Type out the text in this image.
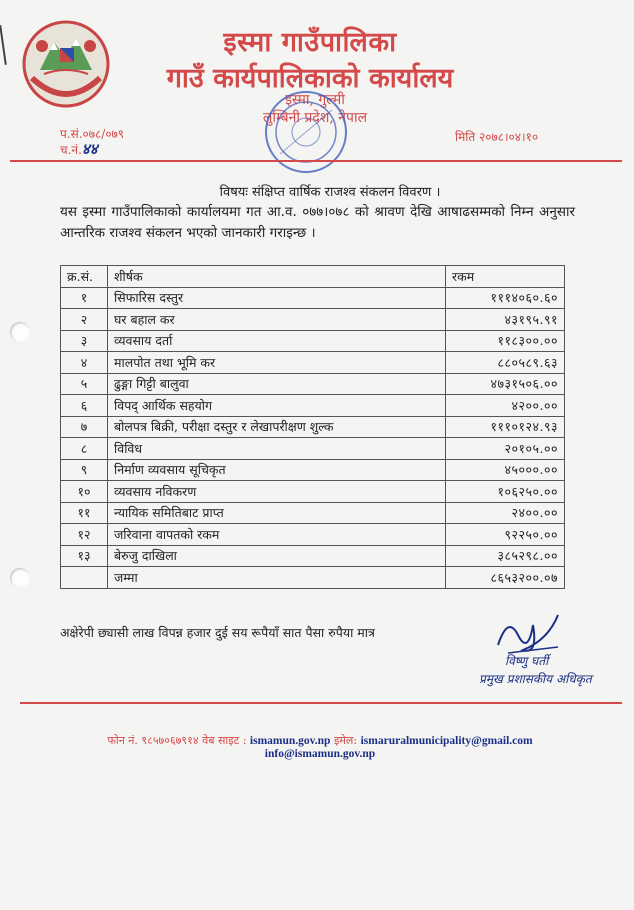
इस्मा गाउँपालिका
गाउँ कार्यपालिकाको कार्यालय
इस्मा, गुल्मी
लुम्बिनी प्रदेश, नेपाल
प.सं.०७८/०७९
च.नं.४४
मिति २०७८।०४।१०
विषयः संक्षिप्त वार्षिक राजश्व संकलन विवरण ।
यस इस्मा गाउँपालिकाको कार्यालयमा गत आ.व. ०७७।०७८ को श्रावण देखि आषाढसम्मको निम्न अनुसार आन्तरिक राजश्व संकलन भएको जानकारी गराइन्छ ।
क्र.सं.	शीर्षक	रकम
१	सिफारिस दस्तुर	१११४०६०.६०
२	घर बहाल कर	४३१९५.९१
३	व्यवसाय दर्ता	११८३००.००
४	मालपोत तथा भूमि कर	८८०५८९.६३
५	ढुङ्गा गिट्टी बालुवा	४७३१५०६.००
६	विपद् आर्थिक सहयोग	४२००.००
७	बोलपत्र बिक्री, परीक्षा दस्तुर र लेखापरीक्षण शुल्क	१११०१२४.९३
८	विविध	२०१०५.००
९	निर्माण व्यवसाय सूचिकृत	४५०००.००
१०	व्यवसाय नविकरण	१०६२५०.००
११	न्यायिक समितिबाट प्राप्त	२४००.००
१२	जरिवाना वापतको रकम	९२२५०.००
१३	बेरुजु दाखिला	३८५२९८.००
	जम्मा	८६५३२००.०७
अक्षेरेपी छ्यासी लाख विपन्न हजार दुई सय रूपैयाँ सात पैसा रुपैया मात्र
विष्णु घर्ती
प्रमुख प्रशासकीय अधिकृत
फोन नं. ९८५७०६७९१४ वेब साइट : ismamun.gov.np इमेल: ismaruralmunicipality@gmail.com
info@ismamun.gov.np
